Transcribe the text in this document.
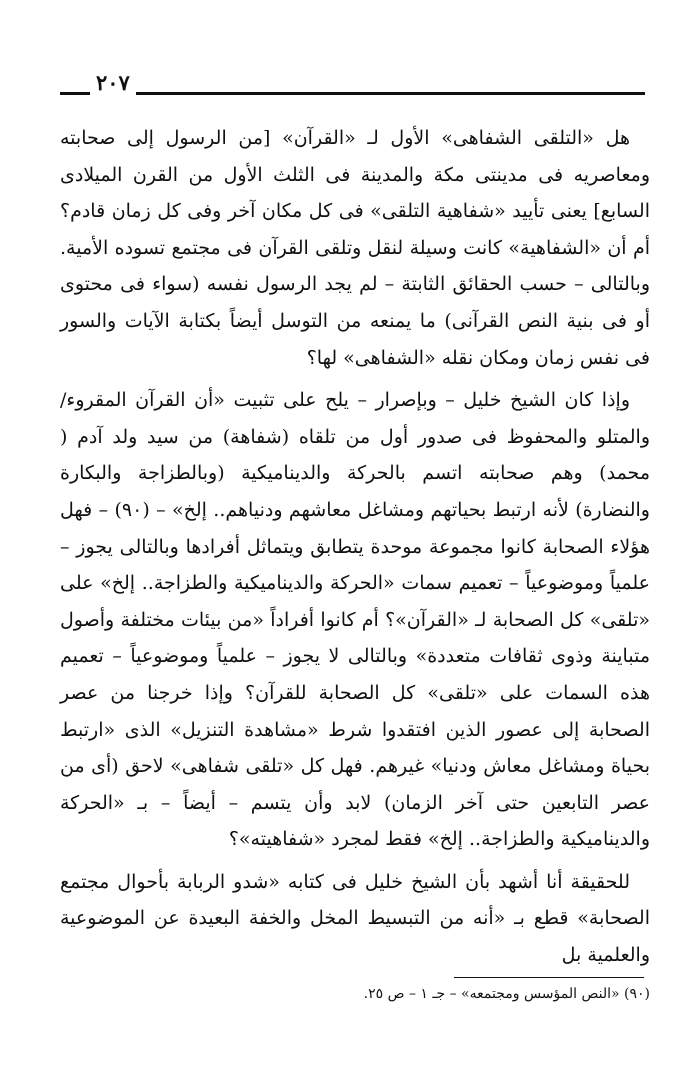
٢٠٧

هل «التلقى الشفاهى» الأول لـ «القرآن» [من الرسول إلى صحابته ومعاصريه فى مدينتى مكة والمدينة فى الثلث الأول من القرن الميلادى السابع] يعنى تأييد «شفاهية التلقى» فى كل مكان آخر وفى كل زمان قادم؟ أم أن «الشفاهية» كانت وسيلة لنقل وتلقى القرآن فى مجتمع تسوده الأمية. وبالتالى – حسب الحقائق الثابتة – لم يجد الرسول نفسه (سواء فى محتوى أو فى بنية النص القرآنى) ما يمنعه من التوسل أيضاً بكتابة الآيات والسور فى نفس زمان ومكان نقله «الشفاهى» لها؟

وإذا كان الشيخ خليل – وبإصرار – يلح على تثبيت «أن القرآن المقروء/ والمتلو والمحفوظ فى صدور أول من تلقاه (شفاهة) من سيد ولد آدم ( محمد) وهم صحابته اتسم بالحركة والديناميكية (وبالطزاجة والبكارة والنضارة) لأنه ارتبط بحياتهم ومشاغل معاشهم ودنياهم.. إلخ» – (٩٠) – فهل هؤلاء الصحابة كانوا مجموعة موحدة يتطابق ويتماثل أفرادها وبالتالى يجوز – علمياً وموضوعياً – تعميم سمات «الحركة والديناميكية والطزاجة.. إلخ» على «تلقى» كل الصحابة لـ «القرآن»؟ أم كانوا أفراداً «من بيئات مختلفة وأصول متباينة وذوى ثقافات متعددة» وبالتالى لا يجوز – علمياً وموضوعياً – تعميم هذه السمات على «تلقى» كل الصحابة للقرآن؟ وإذا خرجنا من عصر الصحابة إلى عصور الذين افتقدوا شرط «مشاهدة التنزيل» الذى «ارتبط بحياة ومشاغل معاش ودنيا» غيرهم. فهل كل «تلقى شفاهى» لاحق (أى من عصر التابعين حتى آخر الزمان) لابد وأن يتسم – أيضاً – بـ «الحركة والديناميكية والطزاجة.. إلخ» فقط لمجرد «شفاهيته»؟

للحقيقة أنا أشهد بأن الشيخ خليل فى كتابه «شدو الربابة بأحوال مجتمع الصحابة» قطع بـ «أنه من التبسيط المخل والخفة البعيدة عن الموضوعية والعلمية بل

(٩٠) «النص المؤسس ومجتمعه» – جـ ١ – ص ٢٥.
